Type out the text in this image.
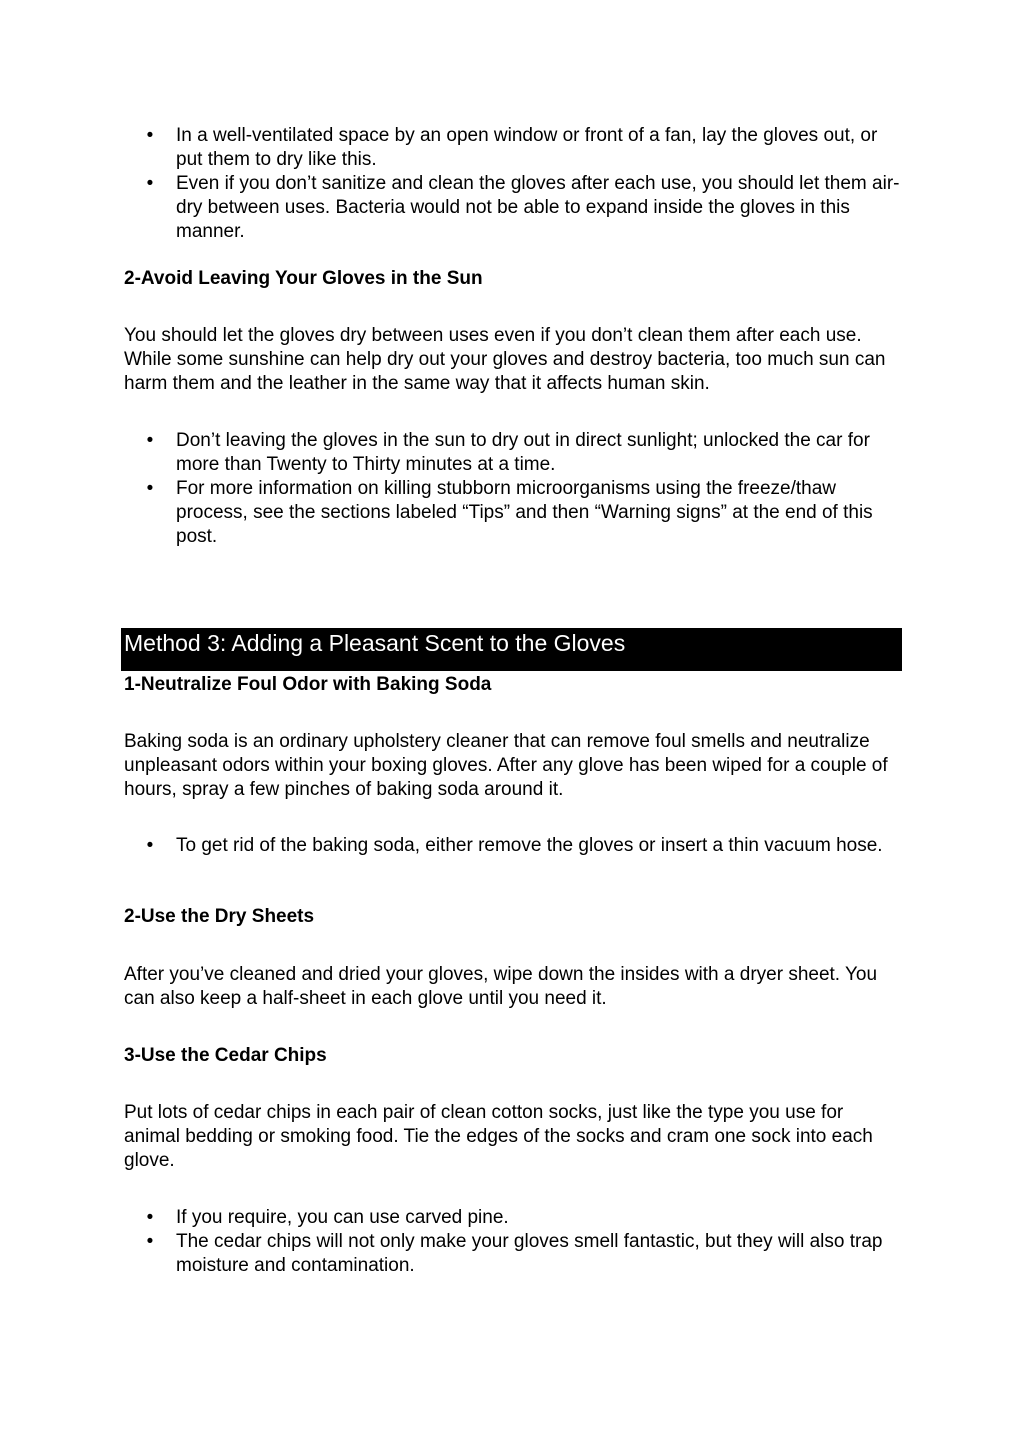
• In a well-ventilated space by an open window or front of a fan, lay the gloves out, or put them to dry like this.
• Even if you don’t sanitize and clean the gloves after each use, you should let them air-dry between uses. Bacteria would not be able to expand inside the gloves in this manner.
2-Avoid Leaving Your Gloves in the Sun

You should let the gloves dry between uses even if you don’t clean them after each use. While some sunshine can help dry out your gloves and destroy bacteria, too much sun can harm them and the leather in the same way that it affects human skin.

• Don’t leaving the gloves in the sun to dry out in direct sunlight; unlocked the car for more than Twenty to Thirty minutes at a time.
• For more information on killing stubborn microorganisms using the freeze/thaw process, see the sections labeled “Tips” and then “Warning signs” at the end of this post.
Method 3: Adding a Pleasant Scent to the Gloves
1-Neutralize Foul Odor with Baking Soda

Baking soda is an ordinary upholstery cleaner that can remove foul smells and neutralize unpleasant odors within your boxing gloves. After any glove has been wiped for a couple of hours, spray a few pinches of baking soda around it.

• To get rid of the baking soda, either remove the gloves or insert a thin vacuum hose.
2-Use the Dry Sheets

After you’ve cleaned and dried your gloves, wipe down the insides with a dryer sheet. You can also keep a half-sheet in each glove until you need it.

3-Use the Cedar Chips

Put lots of cedar chips in each pair of clean cotton socks, just like the type you use for animal bedding or smoking food. Tie the edges of the socks and cram one sock into each glove.

• If you require, you can use carved pine.
• The cedar chips will not only make your gloves smell fantastic, but they will also trap moisture and contamination.
